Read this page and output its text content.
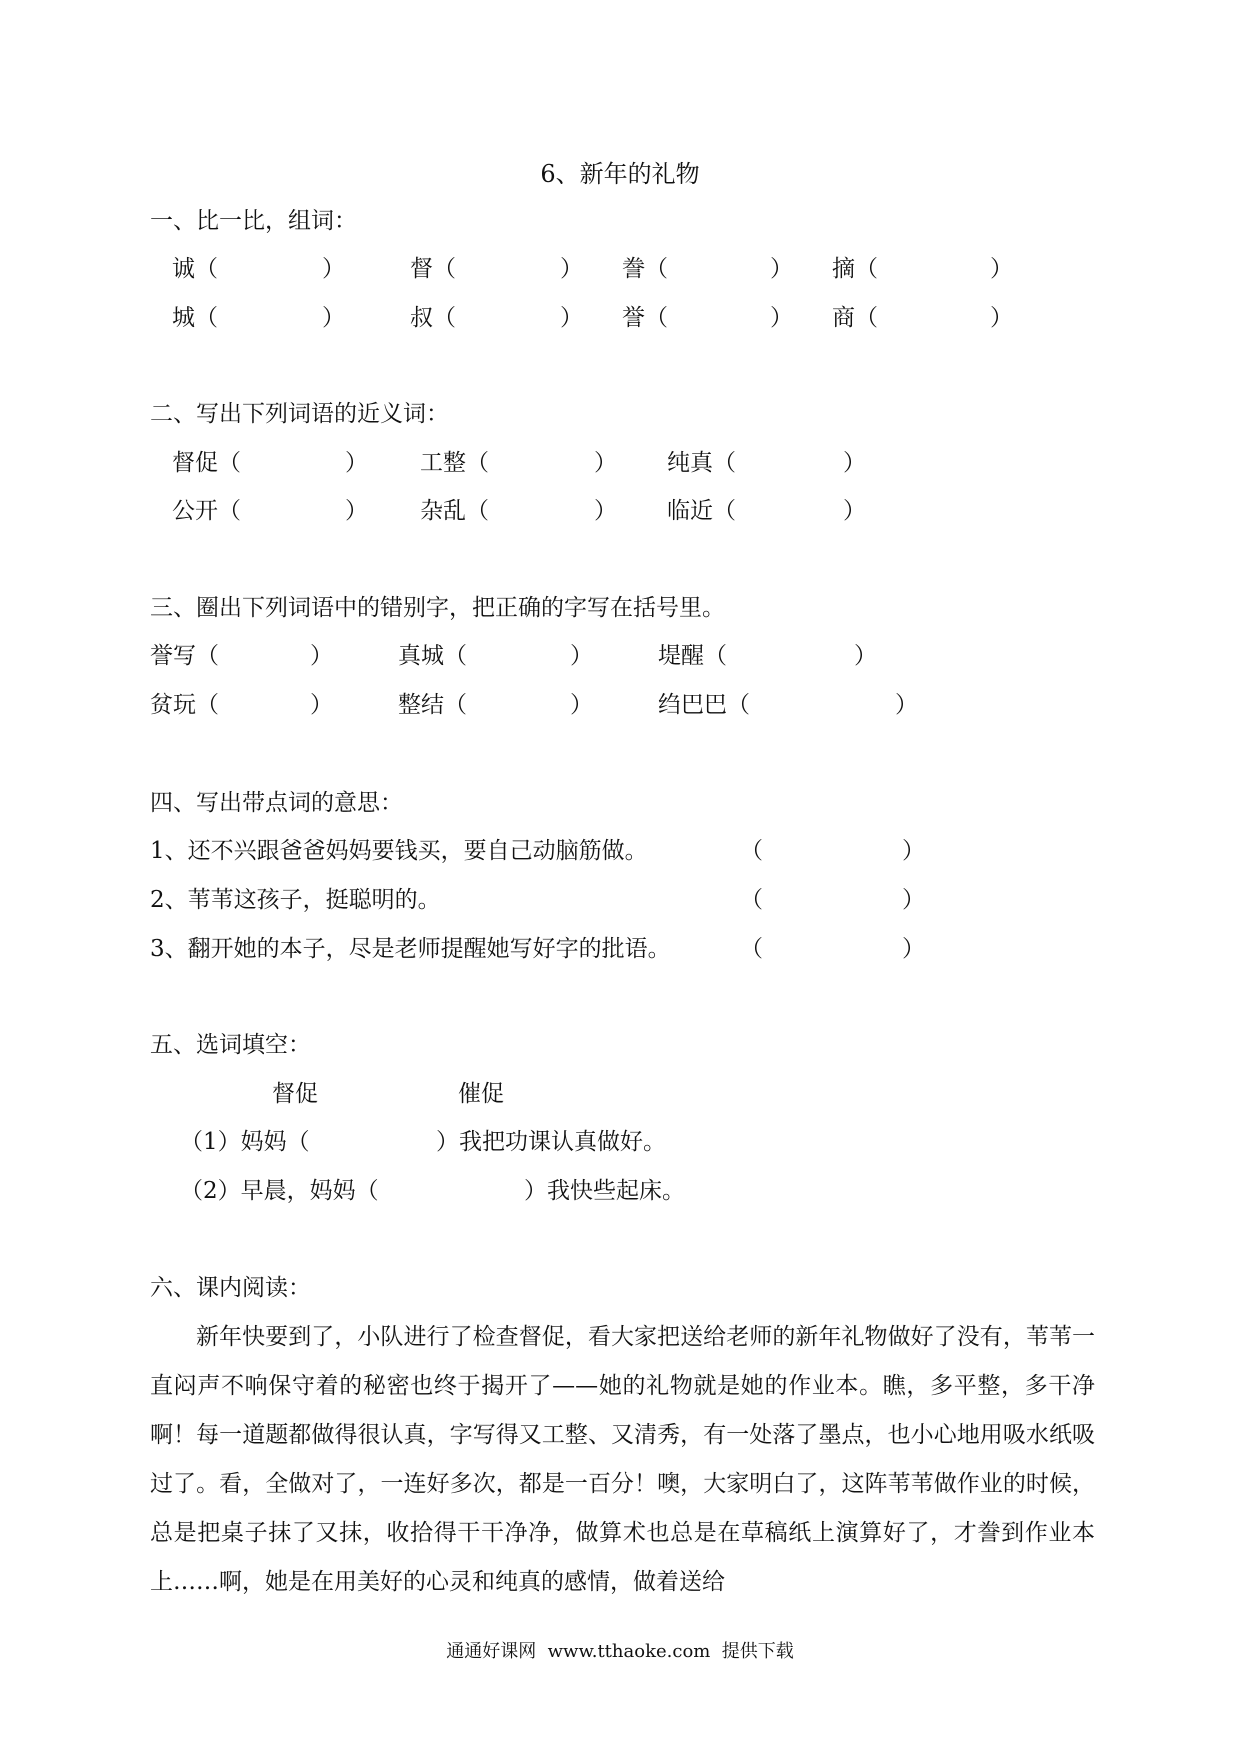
6、新年的礼物
一、比一比，组词：
诚（	）	督（	） 誊（	） 摘（	）
城（	）	叔（	） 誉（	） 商（	）
二、写出下列词语的近义词：
督促（	） 工整（	） 纯真（	）
公开（	） 杂乱（	） 临近（	）
三、圈出下列词语中的错别字，把正确的字写在括号里。
誉写（	）	真城（	）	堤醒（	）
贫玩（	）	整结（	）	绉巴巴（	）
四、写出带点词的意思：
1、还不兴跟爸爸妈妈要钱买，要自己动脑筋做。	（	）
2、苇苇这孩子，挺聪明的。	（	）
3、翻开她的本子，尽是老师提醒她写好字的批语。	（	）
五、选词填空：
督促	催促
（1）妈妈（	）我把功课认真做好。
（2）早晨，妈妈（	）我快些起床。
六、课内阅读：
新年快要到了，小队进行了检查督促，看大家把送给老师的新年礼物做好了没有，苇苇一直闷声不响保守着的秘密也终于揭开了——她的礼物就是她的作业本。瞧，多平整，多干净啊！每一道题都做得很认真，字写得又工整、又清秀，有一处落了墨点，也小心地用吸水纸吸过了。看，全做对了，一连好多次，都是一百分！噢，大家明白了，这阵苇苇做作业的时候，总是把桌子抹了又抹，收拾得干干净净，做算术也总是在草稿纸上演算好了，才誊到作业本上……啊，她是在用美好的心灵和纯真的感情，做着送给
通通好课网  www.tthaoke.com  提供下载
